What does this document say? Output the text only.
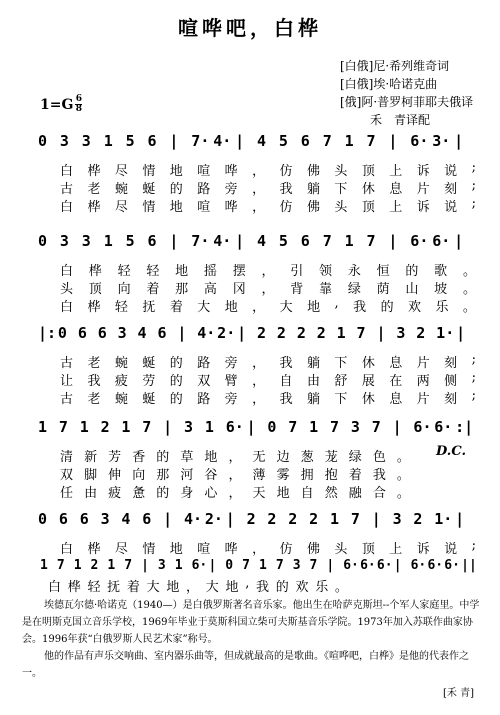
喧哗吧，白桦
[白俄]尼·希列维奇词
[白俄]埃·哈诺克曲
[俄]阿·普罗柯菲耶夫俄译
禾　青译配
$1=G \frac{6}{8}$
0 3 3 1 5 6 | 7· 4· | 4 5 6 7 1 7 | 6· 3· |
白 桦 尽 情 地 喧 哗 ， 仿 佛 头 顶 上 诉 说 ;
古 老 蜿 蜒 的 路 旁 ， 我 躺 下 休 息 片 刻 ;
白 桦 尽 情 地 喧 哗 ， 仿 佛 头 顶 上 诉 说 ;
0 3 3 1 5 6 | 7· 4· | 4 5 6 7 1 7 | 6· 6· |
白 桦 轻 轻 地 摇 摆 ， 引 领 永 恒 的 歌 。
头 顶 向 着 那 高 冈 ， 背 靠 绿 荫 山 坡 。
白 桦 轻 抚 着 大 地 ， 大 地 , 我 的 欢 乐 。
|: 0 6 6 3 4 6 | 4· 2· | 2 2 2 2 1 7 | 3 2 1· |
古 老 蜿 蜒 的 路 旁 ， 我 躺 下 休 息 片 刻 ;
让 我 疲 劳 的 双 臂 ， 自 由 舒 展 在 两 侧 ;
古 老 蜿 蜒 的 路 旁 ， 我 躺 下 休 息 片 刻 ;
1 7 1 2 1 7 | 3 1 6· | 0 7 1 7 3 7 | 6· 6· :|
D.C.
清 新 芳 香 的 草 地 ， 无 边 葱 茏 绿 色 。
双 脚 伸 向 那 河 谷 ， 薄 雾 拥 抱 着 我 。
任 由 疲 惫 的 身 心 ， 天 地 自 然 融 合 。
0 6 6 3 4 6 | 4· 2· | 2 2 2 2 1 7 | 3 2 1· |
白 桦 尽 情 地 喧 哗 ， 仿 佛 头 顶 上 诉 说 ;
1 7 1 2 1 7 | 3 1 6· | 0 7 1 7 3 7 | 6· 6· 6· | 6· 6· 6· ||
白 桦 轻 抚 着 大 地 ， 大 地 , 我 的 欢 乐 。

埃德瓦尔德·哈诺克（1940—）是白俄罗斯著名音乐家。他出生在哈萨克斯坦--个军人家庭里。中学是在明斯克国立音乐学校，1969年毕业于莫斯科国立柴可夫斯基音乐学院。1973年加入苏联作曲家协会。1996年获“白俄罗斯人民艺术家”称号。

他的作品有声乐交响曲、室内器乐曲等，但成就最高的是歌曲。《喧哗吧，白桦》是他的代表作之一。

[禾 青]
